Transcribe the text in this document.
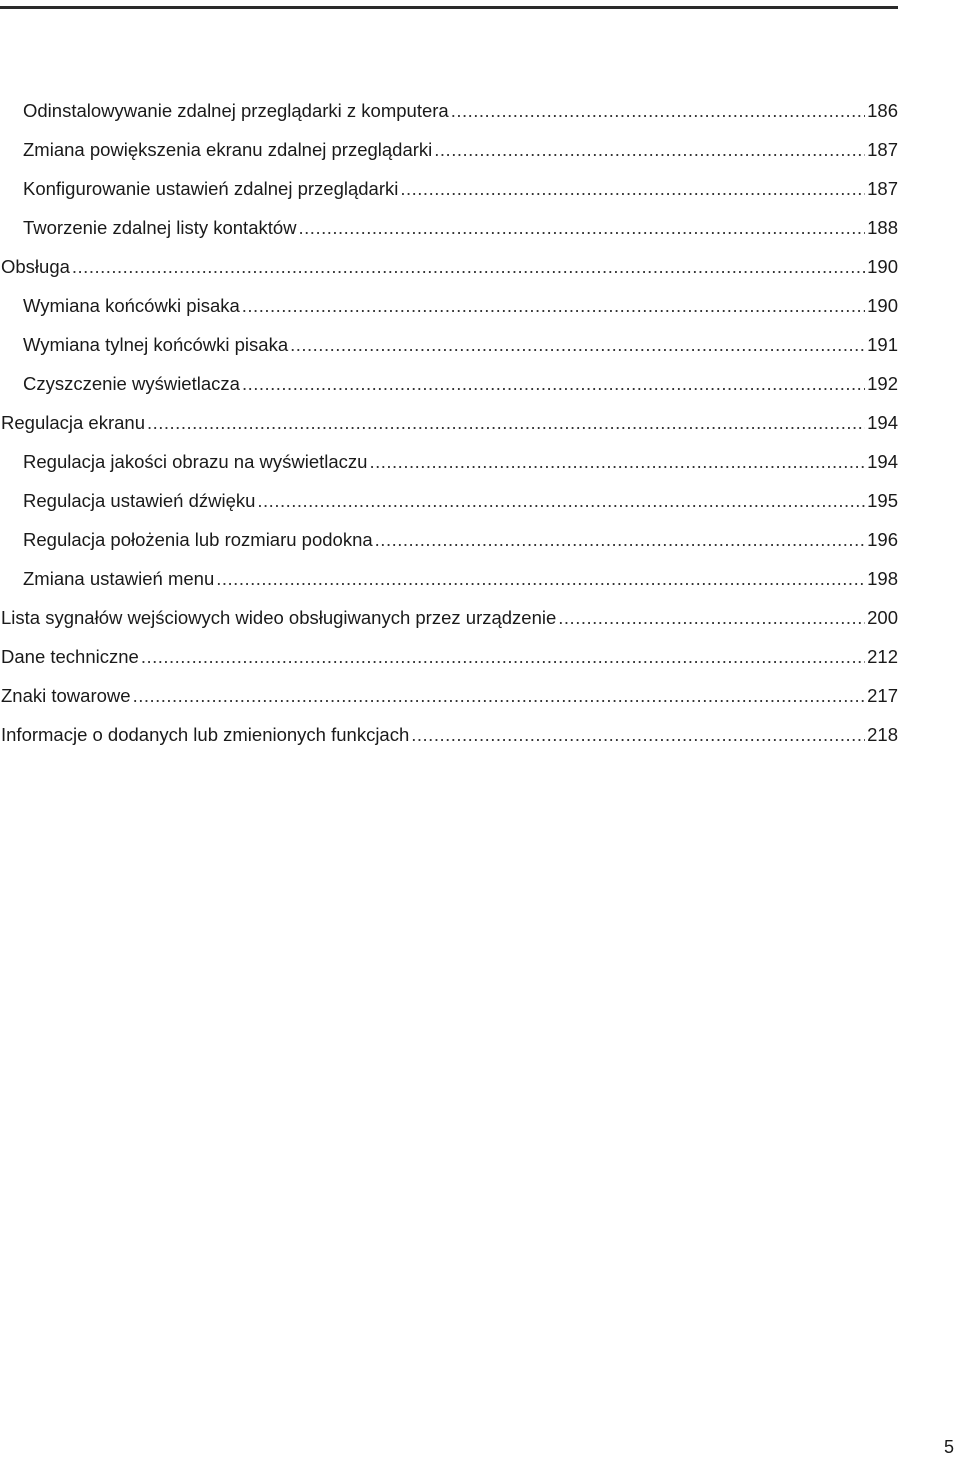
Odinstalowywanie zdalnej przeglądarki z komputera .....	186
Zmiana powiększenia ekranu zdalnej przeglądarki .....	187
Konfigurowanie ustawień zdalnej przeglądarki .....	187
Tworzenie zdalnej listy kontaktów .....	188
Obsługa .....	190
Wymiana końcówki pisaka .....	190
Wymiana tylnej końcówki pisaka .....	191
Czyszczenie wyświetlacza .....	192
Regulacja ekranu .....	194
Regulacja jakości obrazu na wyświetlaczu .....	194
Regulacja ustawień dźwięku .....	195
Regulacja położenia lub rozmiaru podokna .....	196
Zmiana ustawień menu .....	198
Lista sygnałów wejściowych wideo obsługiwanych przez urządzenie .....	200
Dane techniczne .....	212
Znaki towarowe .....	217
Informacje o dodanych lub zmienionych funkcjach .....	218
5
